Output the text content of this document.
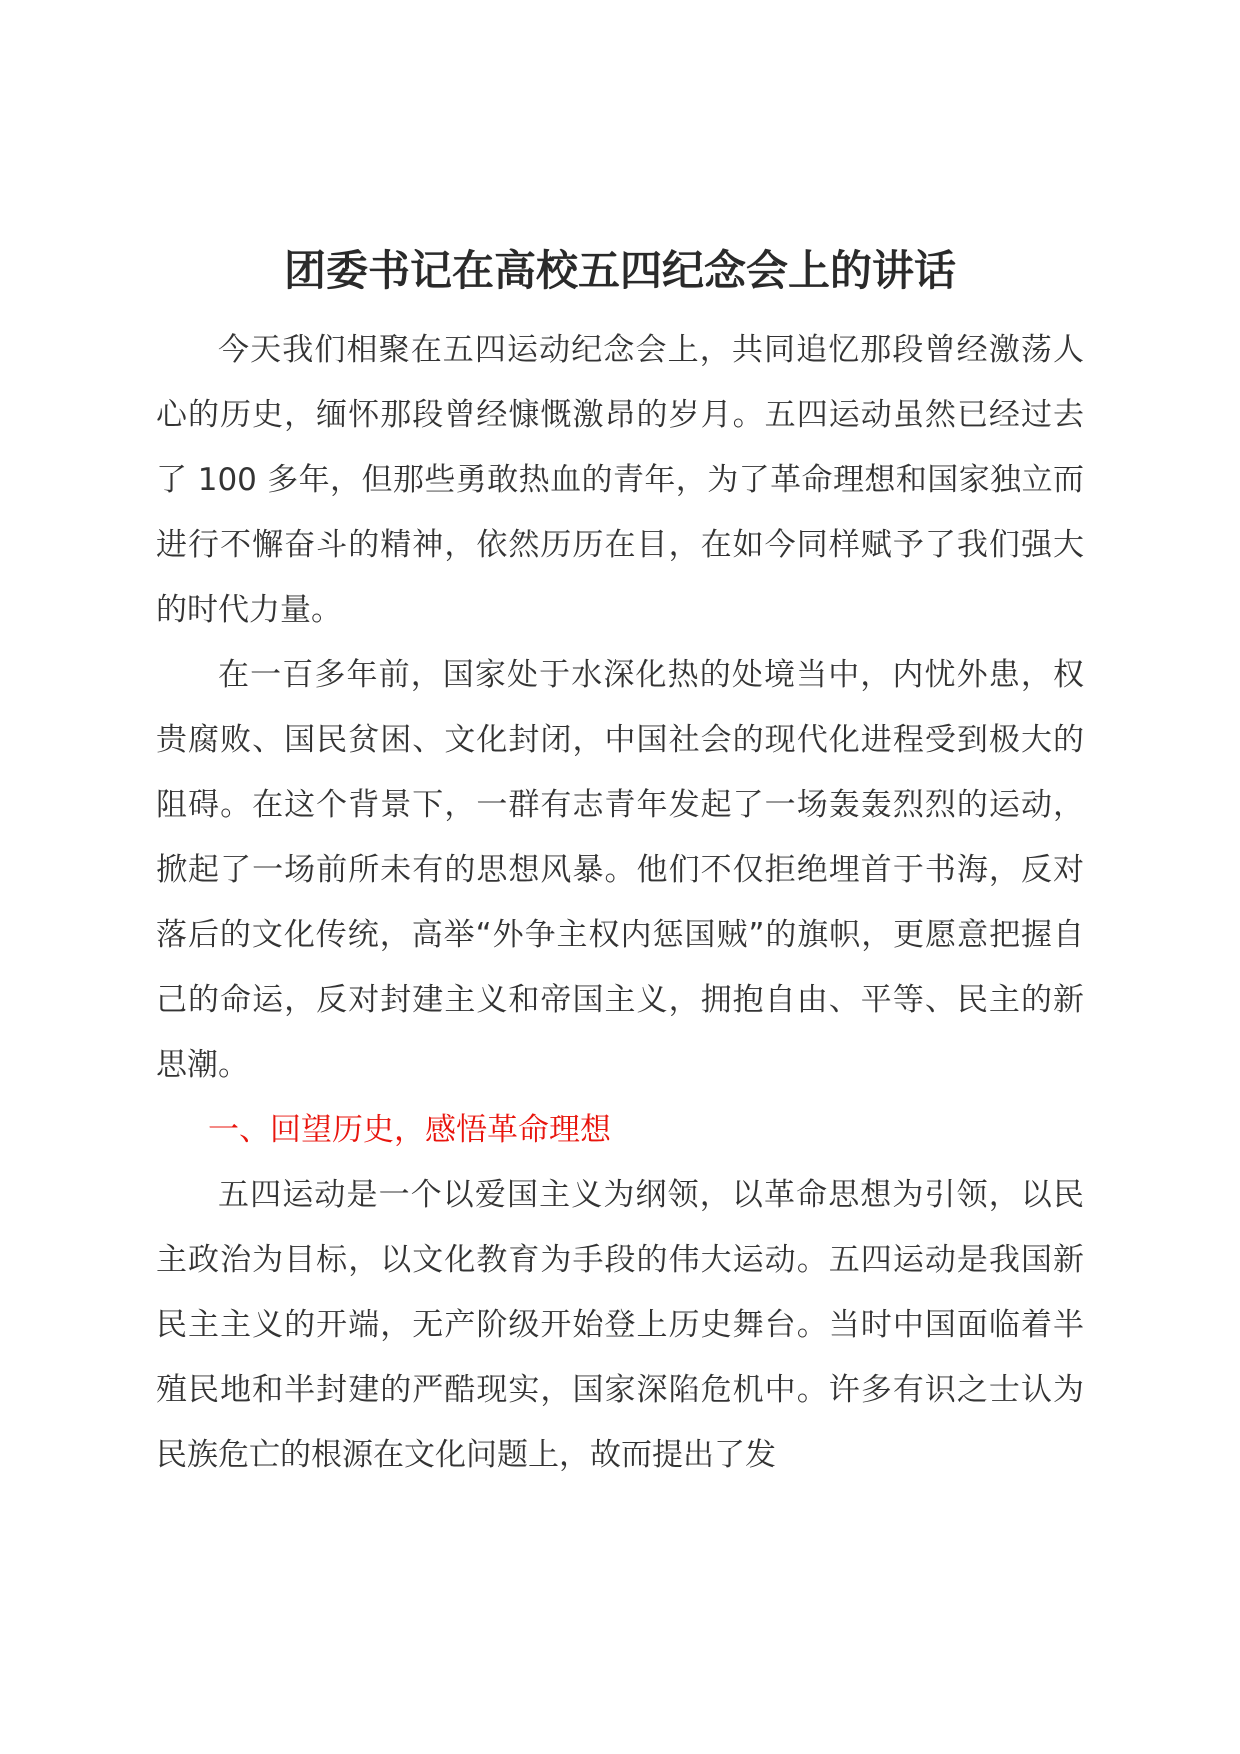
团委书记在高校五四纪念会上的讲话

今天我们相聚在五四运动纪念会上，共同追忆那段曾经激荡人心的历史，缅怀那段曾经慷慨激昂的岁月。五四运动虽然已经过去了 100 多年，但那些勇敢热血的青年，为了革命理想和国家独立而进行不懈奋斗的精神，依然历历在目，在如今同样赋予了我们强大的时代力量。

在一百多年前，国家处于水深化热的处境当中，内忧外患，权贵腐败、国民贫困、文化封闭，中国社会的现代化进程受到极大的阻碍。在这个背景下，一群有志青年发起了一场轰轰烈烈的运动，掀起了一场前所未有的思想风暴。他们不仅拒绝埋首于书海，反对落后的文化传统，高举“外争主权内惩国贼”的旗帜，更愿意把握自己的命运，反对封建主义和帝国主义，拥抱自由、平等、民主的新思潮。

一、回望历史，感悟革命理想

五四运动是一个以爱国主义为纲领，以革命思想为引领，以民主政治为目标，以文化教育为手段的伟大运动。五四运动是我国新民主主义的开端，无产阶级开始登上历史舞台。当时中国面临着半殖民地和半封建的严酷现实，国家深陷危机中。许多有识之士认为民族危亡的根源在文化问题上，故而提出了发
